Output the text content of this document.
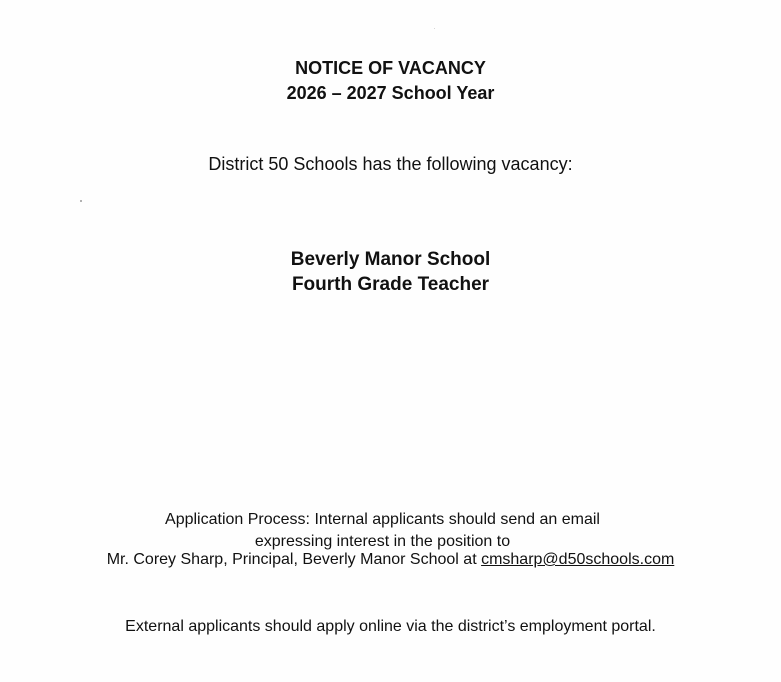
NOTICE OF VACANCY
2026 – 2027 School Year
District 50 Schools has the following vacancy:
Beverly Manor School
Fourth Grade Teacher
Application Process: Internal applicants should send an email
expressing interest in the position to
Mr. Corey Sharp, Principal, Beverly Manor School at cmsharp@d50schools.com
External applicants should apply online via the district’s employment portal.
